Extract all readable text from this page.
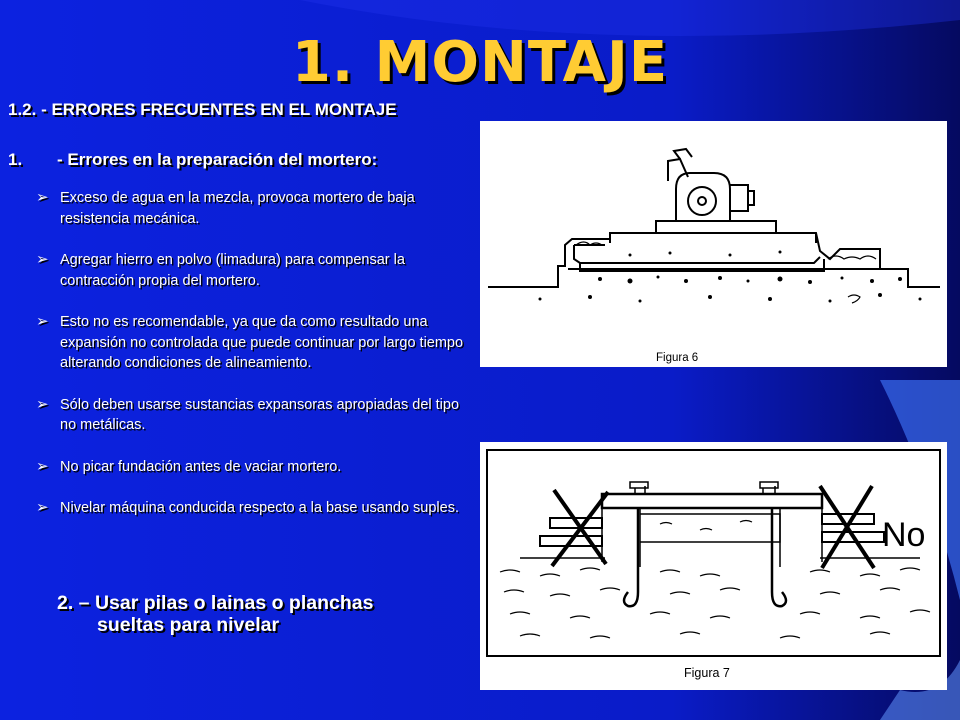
1. MONTAJE
1.2. - ERRORES FRECUENTES EN EL MONTAJE
1. - Errores en la preparación del mortero:
➢ Exceso de agua en la mezcla, provoca mortero de baja resistencia mecánica.
➢ Agregar hierro en polvo (limadura) para compensar la contracción propia del mortero.
➢ Esto no es recomendable, ya que da como resultado una expansión no controlada que puede continuar por largo tiempo alterando condiciones de alineamiento.
➢ Sólo deben usarse sustancias expansoras apropiadas del tipo no metálicas.
➢ No picar fundación antes de vaciar mortero.
➢ Nivelar máquina conducida respecto a la base usando suples.
2. – Usar pilas o lainas o planchas
sueltas para nivelar
Figura 6
No
Figura 7
